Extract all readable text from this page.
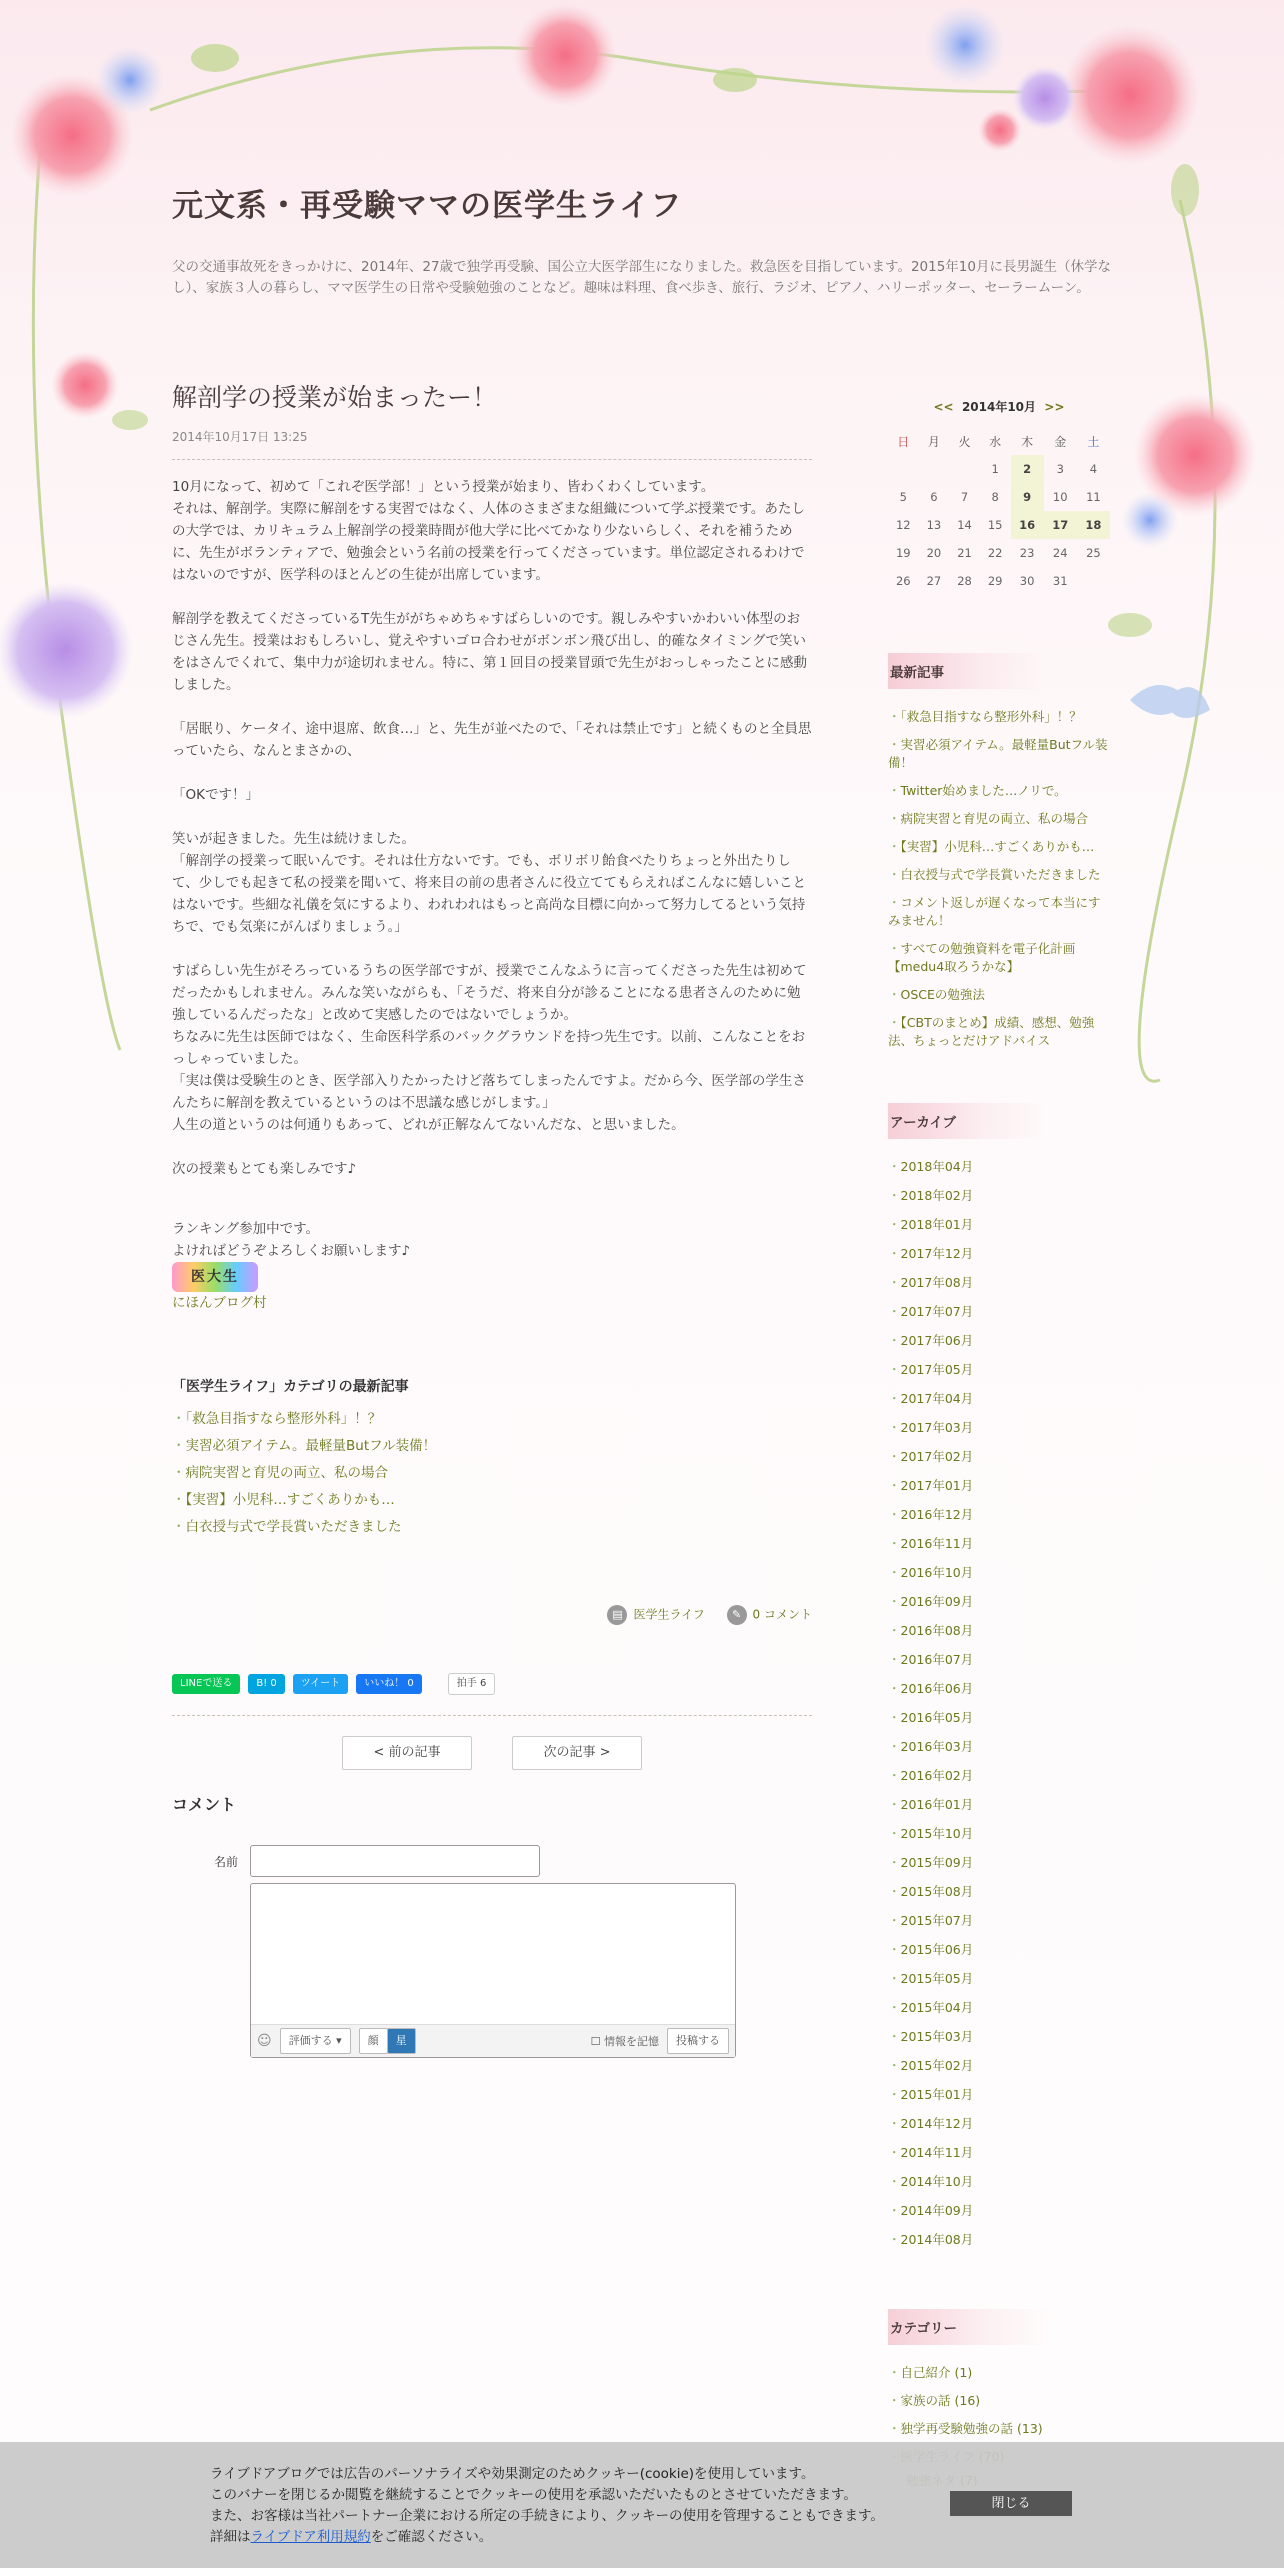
元文系・再受験ママの医学生ライフ

父の交通事故死をきっかけに、2014年、27歳で独学再受験、国公立大医学部生になりました。救急医を目指しています。2015年10月に長男誕生（休学なし）、家族３人の暮らし、ママ医学生の日常や受験勉強のことなど。趣味は料理、食べ歩き、旅行、ラジオ、ピアノ、ハリーポッター、セーラームーン。

解剖学の授業が始まったー！
2014年10月17日 13:25

10月になって、初めて「これぞ医学部！」という授業が始まり、皆わくわくしています。
それは、解剖学。実際に解剖をする実習ではなく、人体のさまざまな組織について学ぶ授業です。あたしの大学では、カリキュラム上解剖学の授業時間が他大学に比べてかなり少ないらしく、それを補うために、先生がボランティアで、勉強会という名前の授業を行ってくださっています。単位認定されるわけではないのですが、医学科のほとんどの生徒が出席しています。

解剖学を教えてくださっているT先生ががちゃめちゃすばらしいのです。親しみやすいかわいい体型のおじさん先生。授業はおもしろいし、覚えやすいゴロ合わせがボンボン飛び出し、的確なタイミングで笑いをはさんでくれて、集中力が途切れません。特に、第１回目の授業冒頭で先生がおっしゃったことに感動しました。

「居眠り、ケータイ、途中退席、飲食…」と、先生が並べたので、「それは禁止です」と続くものと全員思っていたら、なんとまさかの、

「OKです！」

笑いが起きました。先生は続けました。
「解剖学の授業って眠いんです。それは仕方ないです。でも、ボリボリ飴食べたりちょっと外出たりして、少しでも起きて私の授業を聞いて、将来目の前の患者さんに役立ててもらえればこんなに嬉しいことはないです。些細な礼儀を気にするより、われわれはもっと高尚な目標に向かって努力してるという気持ちで、でも気楽にがんばりましょう。」

すばらしい先生がそろっているうちの医学部ですが、授業でこんなふうに言ってくださった先生は初めてだったかもしれません。みんな笑いながらも、「そうだ、将来自分が診ることになる患者さんのために勉強しているんだったな」と改めて実感したのではないでしょうか。
ちなみに先生は医師ではなく、生命医科学系のバックグラウンドを持つ先生です。以前、こんなことをおっしゃっていました。
「実は僕は受験生のとき、医学部入りたかったけど落ちてしまったんですよ。だから今、医学部の学生さんたちに解剖を教えているというのは不思議な感じがします。」
人生の道というのは何通りもあって、どれが正解なんてないんだな、と思いました。

次の授業もとても楽しみです♪

ランキング参加中です。
よければどうぞよろしくお願いします♪
医大生
にほんブログ村
「医学生ライフ」カテゴリの最新記事
・ 「救急目指すなら整形外科」！？
・ 実習必須アイテム。最軽量Butフル装備！
・ 病院実習と育児の両立、私の場合
・ 【実習】小児科…すごくありかも…
・ 白衣授与式で学長賞いただきました
▤ 医学生ライフ ✎ 0 コメント
LINEで送る	B! 0	ツイート	いいね！ 0	拍手 6
< 前の記事	次の記事 >
コメント
名前
☺	評価する ▾	顔	星	☐ 情報を記憶	投稿する
<< 2014年10月 >>
日	月	火	水	木	金	土
			1	2	3	4
5	6	7	8	9	10	11
12	13	14	15	16	17	18
19	20	21	22	23	24	25
26	27	28	29	30	31	
最新記事
・ 「救急目指すなら整形外科」！？
・ 実習必須アイテム。最軽量Butフル装備！
・ Twitter始めました…ノリで。
・ 病院実習と育児の両立、私の場合
・ 【実習】小児科…すごくありかも…
・ 白衣授与式で学長賞いただきました
・ コメント返しが遅くなって本当にすみません！
・ すべての勉強資料を電子化計画【medu4取ろうかな】
・ OSCEの勉強法
・ 【CBTのまとめ】成績、感想、勉強法、ちょっとだけアドバイス
アーカイブ
・ 2018年04月
・ 2018年02月
・ 2018年01月
・ 2017年12月
・ 2017年08月
・ 2017年07月
・ 2017年06月
・ 2017年05月
・ 2017年04月
・ 2017年03月
・ 2017年02月
・ 2017年01月
・ 2016年12月
・ 2016年11月
・ 2016年10月
・ 2016年09月
・ 2016年08月
・ 2016年07月
・ 2016年06月
・ 2016年05月
・ 2016年03月
・ 2016年02月
・ 2016年01月
・ 2015年10月
・ 2015年09月
・ 2015年08月
・ 2015年07月
・ 2015年06月
・ 2015年05月
・ 2015年04月
・ 2015年03月
・ 2015年02月
・ 2015年01月
・ 2014年12月
・ 2014年11月
・ 2014年10月
・ 2014年09月
・ 2014年08月
カテゴリー
・ 自己紹介 (1)
・ 家族の話 (16)
・ 独学再受験勉強の話 (13)
・
ライブドアブログでは広告のパーソナライズや効果測定のためクッキー(cookie)を使用しています。
このバナーを閉じるか閲覧を継続することでクッキーの使用を承認いただいたものとさせていただきます。
また、お客様は当社パートナー企業における所定の手続きにより、クッキーの使用を管理することもできます。
詳細はライブドア利用規約をご確認ください。
閉じる
